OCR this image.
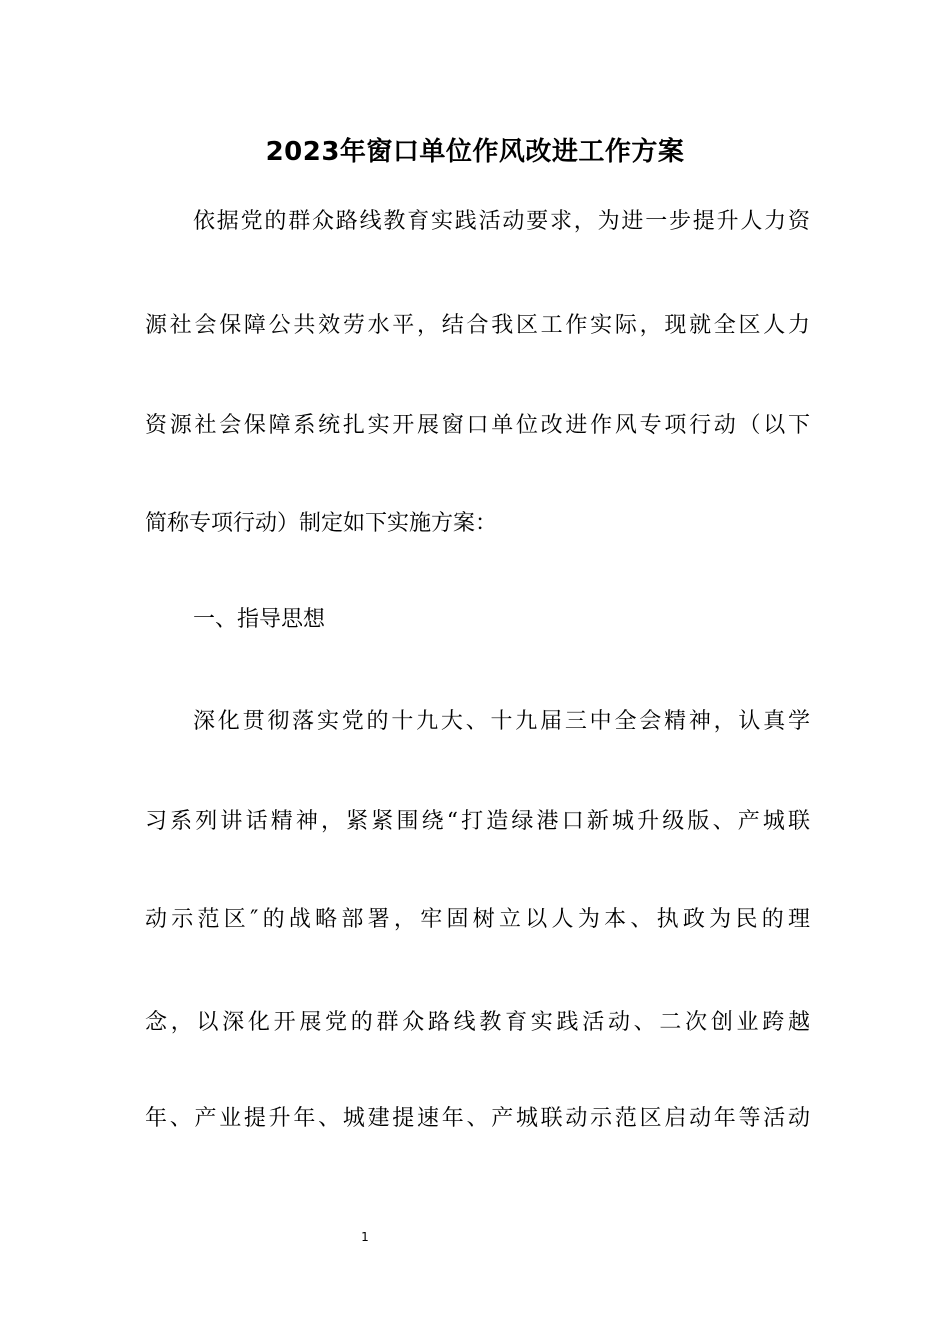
2023年窗口单位作风改进工作方案
依据党的群众路线教育实践活动要求，为进一步提升人力资
源社会保障公共效劳水平，结合我区工作实际，现就全区人力
资源社会保障系统扎实开展窗口单位改进作风专项行动（以下
简称专项行动）制定如下实施方案：
一、指导思想
深化贯彻落实党的十九大、十九届三中全会精神，认真学
习系列讲话精神，紧紧围绕“打造绿港口新城升级版、产城联
动示范区″的战略部署，牢固树立以人为本、执政为民的理
念，以深化开展党的群众路线教育实践活动、二次创业跨越
年、产业提升年、城建提速年、产城联动示范区启动年等活动
1
